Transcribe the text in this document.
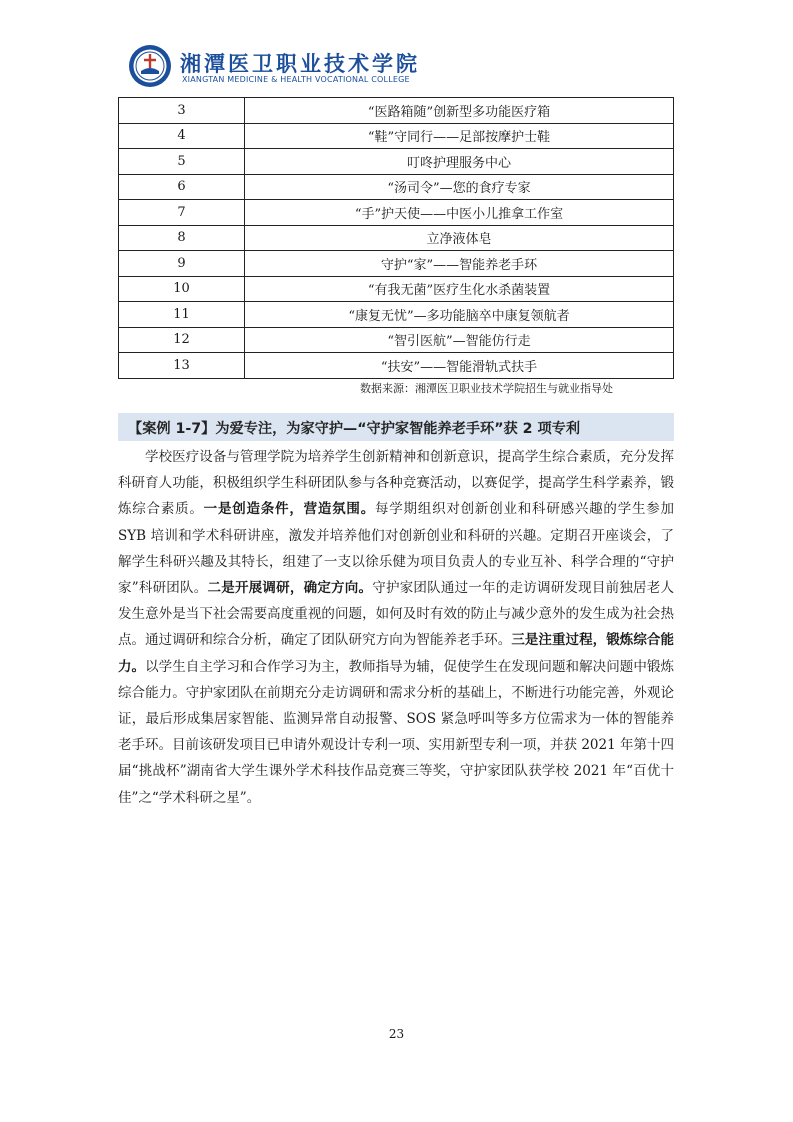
湘潭医卫职业技术学院
XIANGTAN MEDICINE & HEALTH VOCATIONAL COLLEGE
3	“医路箱随”创新型多功能医疗箱
4	“鞋”守同行——足部按摩护士鞋
5	叮咚护理服务中心
6	“汤司令”—您的食疗专家
7	“手”护天使——中医小儿推拿工作室
8	立净液体皂
9	守护“家”——智能养老手环
10	“有我无菌”医疗生化水杀菌装置
11	“康复无忧”—多功能脑卒中康复领航者
12	“智引医航”—智能仿行走
13	“扶安”——智能滑轨式扶手
数据来源：湘潭医卫职业技术学院招生与就业指导处
【案例 1-7】为爱专注，为家守护—“守护家智能养老手环”获 2 项专利
学校医疗设备与管理学院为培养学生创新精神和创新意识，提高学生综合素质，充分发挥科研育人功能，积极组织学生科研团队参与各种竞赛活动，以赛促学，提高学生科学素养，锻炼综合素质。一是创造条件，营造氛围。每学期组织对创新创业和科研感兴趣的学生参加 SYB 培训和学术科研讲座，激发并培养他们对创新创业和科研的兴趣。定期召开座谈会，了解学生科研兴趣及其特长，组建了一支以徐乐健为项目负责人的专业互补、科学合理的“守护家”科研团队。二是开展调研，确定方向。守护家团队通过一年的走访调研发现目前独居老人发生意外是当下社会需要高度重视的问题，如何及时有效的防止与减少意外的发生成为社会热点。通过调研和综合分析，确定了团队研究方向为智能养老手环。三是注重过程，锻炼综合能力。以学生自主学习和合作学习为主，教师指导为辅，促使学生在发现问题和解决问题中锻炼综合能力。守护家团队在前期充分走访调研和需求分析的基础上，不断进行功能完善，外观论证，最后形成集居家智能、监测异常自动报警、SOS 紧急呼叫等多方位需求为一体的智能养老手环。目前该研发项目已申请外观设计专利一项、实用新型专利一项，并获 2021 年第十四届“挑战杯”湖南省大学生课外学术科技作品竞赛三等奖，守护家团队获学校 2021 年“百优十佳”之“学术科研之星”。
23
